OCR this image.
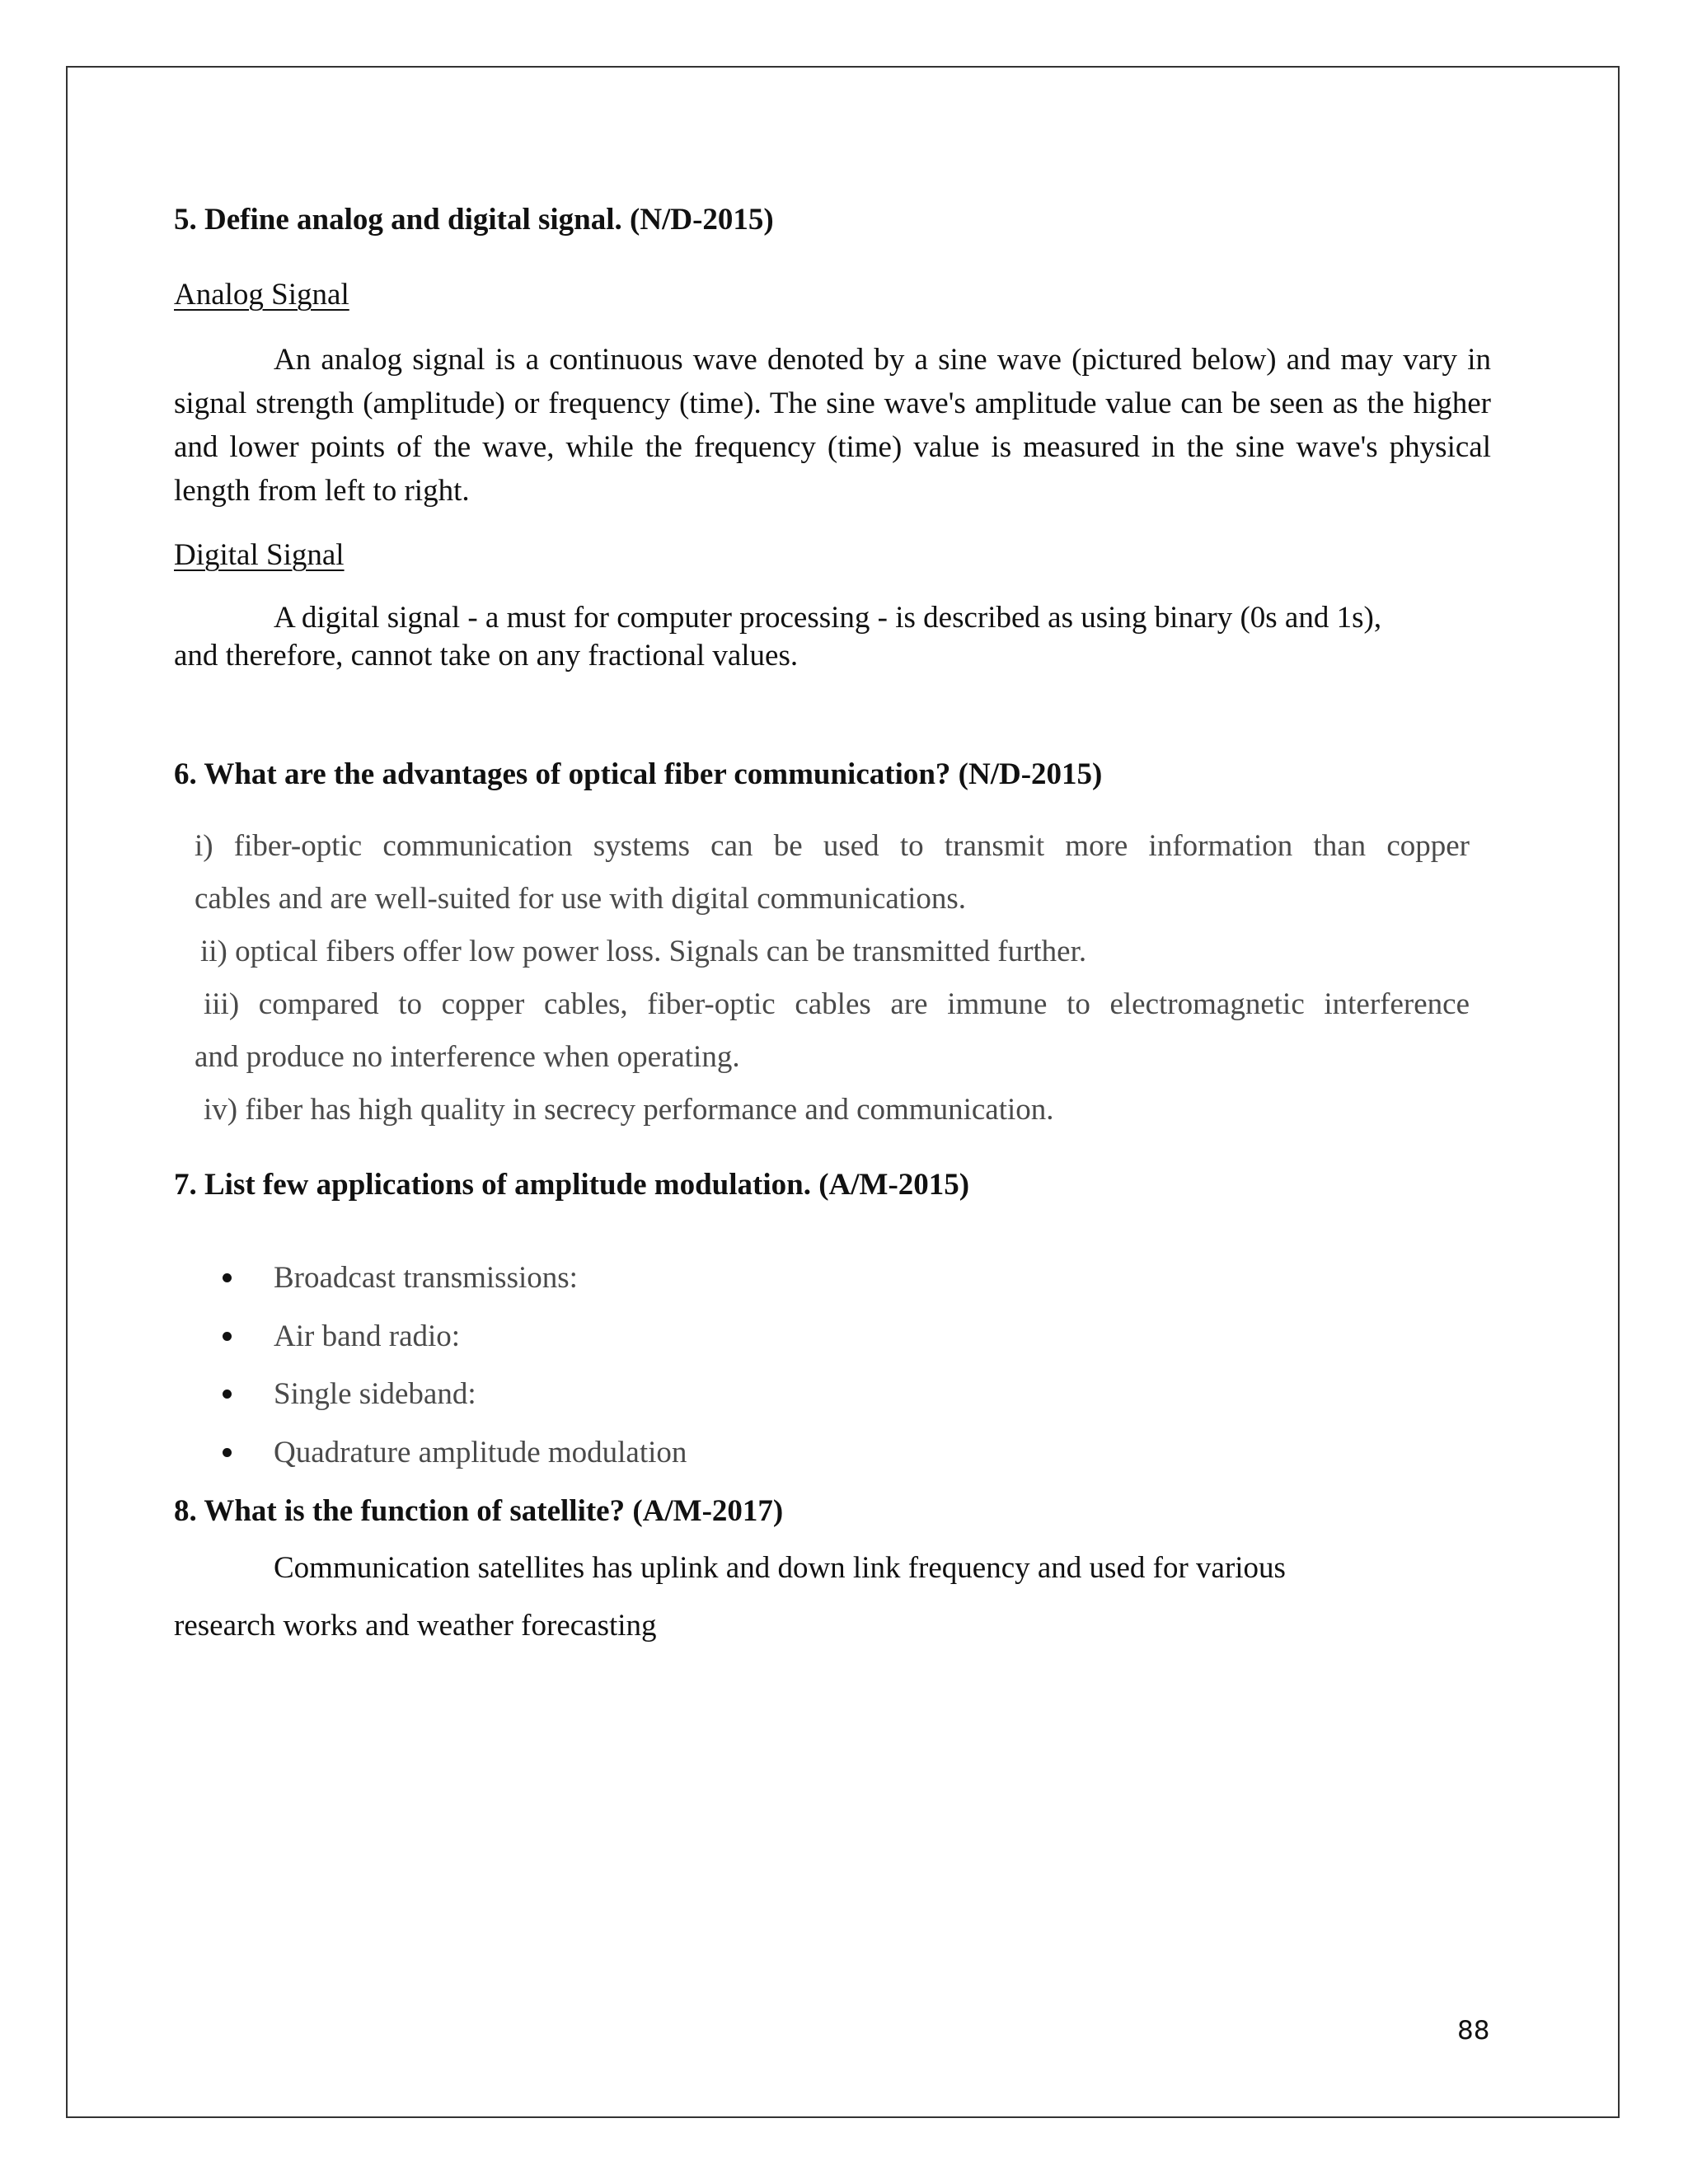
5. Define analog and digital signal. (N/D-2015)
Analog Signal

An analog signal is a continuous wave denoted by a sine wave (pictured below) and may vary in signal strength (amplitude) or frequency (time). The sine wave's amplitude value can be seen as the higher and lower points of the wave, while the frequency (time) value is measured in the sine wave's physical length from left to right.

Digital Signal
A digital signal - a must for computer processing - is described as using binary (0s and 1s),
and therefore, cannot take on any fractional values.
6. What are the advantages of optical fiber communication? (N/D-2015)
i) fiber-optic communication systems can be used to transmit more information than copper
cables and are well-suited for use with digital communications.
ii) optical fibers offer low power loss. Signals can be transmitted further.
iii) compared to copper cables, fiber-optic cables are immune to electromagnetic interference
and produce no interference when operating.
iv) fiber has high quality in secrecy performance and communication.
7. List few applications of amplitude modulation. (A/M-2015)
Broadcast transmissions:
Air band radio:
Single sideband:
Quadrature amplitude modulation
8. What is the function of satellite? (A/M-2017)
Communication satellites has uplink and down link frequency and used for various
research works and weather forecasting
88
